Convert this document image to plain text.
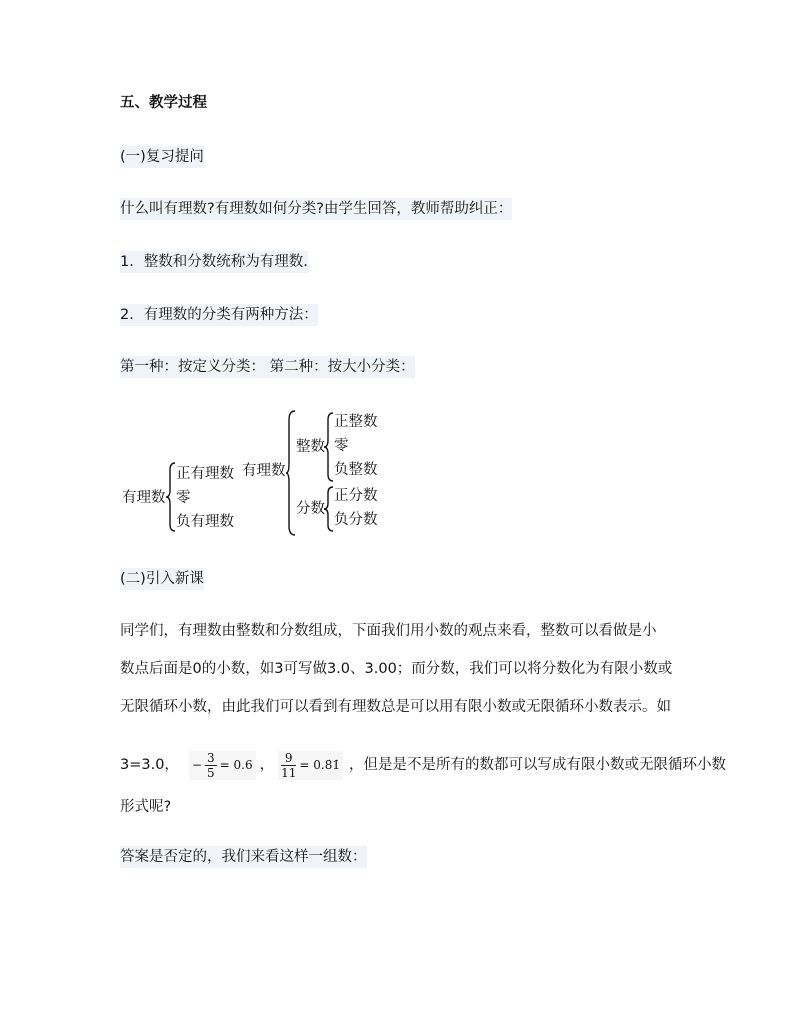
五、教学过程
(一)复习提问
什么叫有理数?有理数如何分类?由学生回答，教师帮助纠正：
1．整数和分数统称为有理数.
2．有理数的分类有两种方法：
第一种：按定义分类： 第二种：按大小分类：
有理数
正有理数
零
负有理数
有理数
整数
正整数
零
负整数
分数
正分数
负分数
(二)引入新课
同学们，有理数由整数和分数组成，下面我们用小数的观点来看，整数可以看做是小
数点后面是0的小数，如3可写做3.0、3.00；而分数，我们可以将分数化为有限小数或
无限循环小数，由此我们可以看到有理数总是可以用有限小数或无限循环小数表示。如
3=3.0， − $\frac{3}{5} = 0.6$ ， $\frac{9}{11}$ = 0.8̇1̇ ，但是是不是所有的数都可以写成有限小数或无限循环小数
形式呢?
答案是否定的，我们来看这样一组数：
